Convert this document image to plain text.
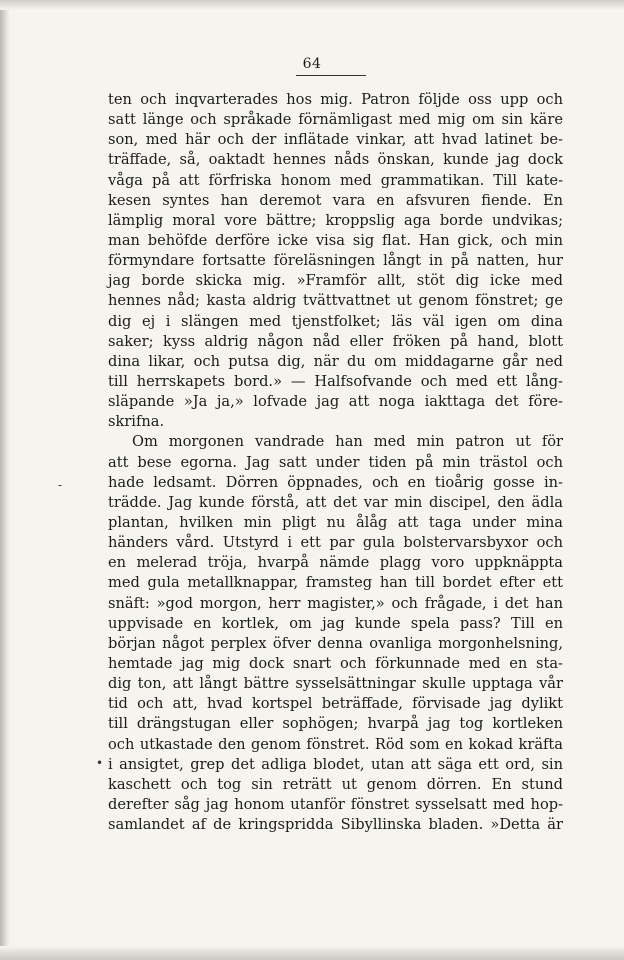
64
ten och inqvarterades hos mig. Patron följde oss upp och
satt länge och språkade förnämligast med mig om sin käre
son, med här och der inflätade vinkar, att hvad latinet be-
träffade, så, oaktadt hennes nåds önskan, kunde jag dock
våga på att förfriska honom med grammatikan. Till kate-
kesen syntes han deremot vara en afsvuren fiende. En
lämplig moral vore bättre; kroppslig aga borde undvikas;
man behöfde derföre icke visa sig flat. Han gick, och min
förmyndare fortsatte föreläsningen långt in på natten, hur
jag borde skicka mig. »Framför allt, stöt dig icke med
hennes nåd; kasta aldrig tvättvattnet ut genom fönstret; ge
dig ej i slängen med tjenstfolket; läs väl igen om dina
saker; kyss aldrig någon nåd eller fröken på hand, blott
dina likar, och putsa dig, när du om middagarne går ned
till herrskapets bord.» — Halfsofvande och med ett lång-
släpande »Ja ja,» lofvade jag att noga iakttaga det före-
skrifna.
Om morgonen vandrade han med min patron ut för
att bese egorna. Jag satt under tiden på min trästol och
hade ledsamt. Dörren öppnades, och en tioårig gosse in-
trädde. Jag kunde förstå, att det var min discipel, den ädla
plantan, hvilken min pligt nu ålåg att taga under mina
händers vård. Utstyrd i ett par gula bolstervarsbyxor och
en melerad tröja, hvarpå nämde plagg voro uppknäppta
med gula metallknappar, framsteg han till bordet efter ett
snäft: »god morgon, herr magister,» och frågade, i det han
uppvisade en kortlek, om jag kunde spela pass? Till en
början något perplex öfver denna ovanliga morgonhelsning,
hemtade jag mig dock snart och förkunnade med en sta-
dig ton, att långt bättre sysselsättningar skulle upptaga vår
tid och att, hvad kortspel beträffade, förvisade jag dylikt
till drängstugan eller sophögen; hvarpå jag tog kortleken
och utkastade den genom fönstret. Röd som en kokad kräfta
i ansigtet, grep det adliga blodet, utan att säga ett ord, sin
kaschett och tog sin reträtt ut genom dörren. En stund
derefter såg jag honom utanför fönstret sysselsatt med hop-
samlandet af de kringspridda Sibyllinska bladen. »Detta är
-
•
